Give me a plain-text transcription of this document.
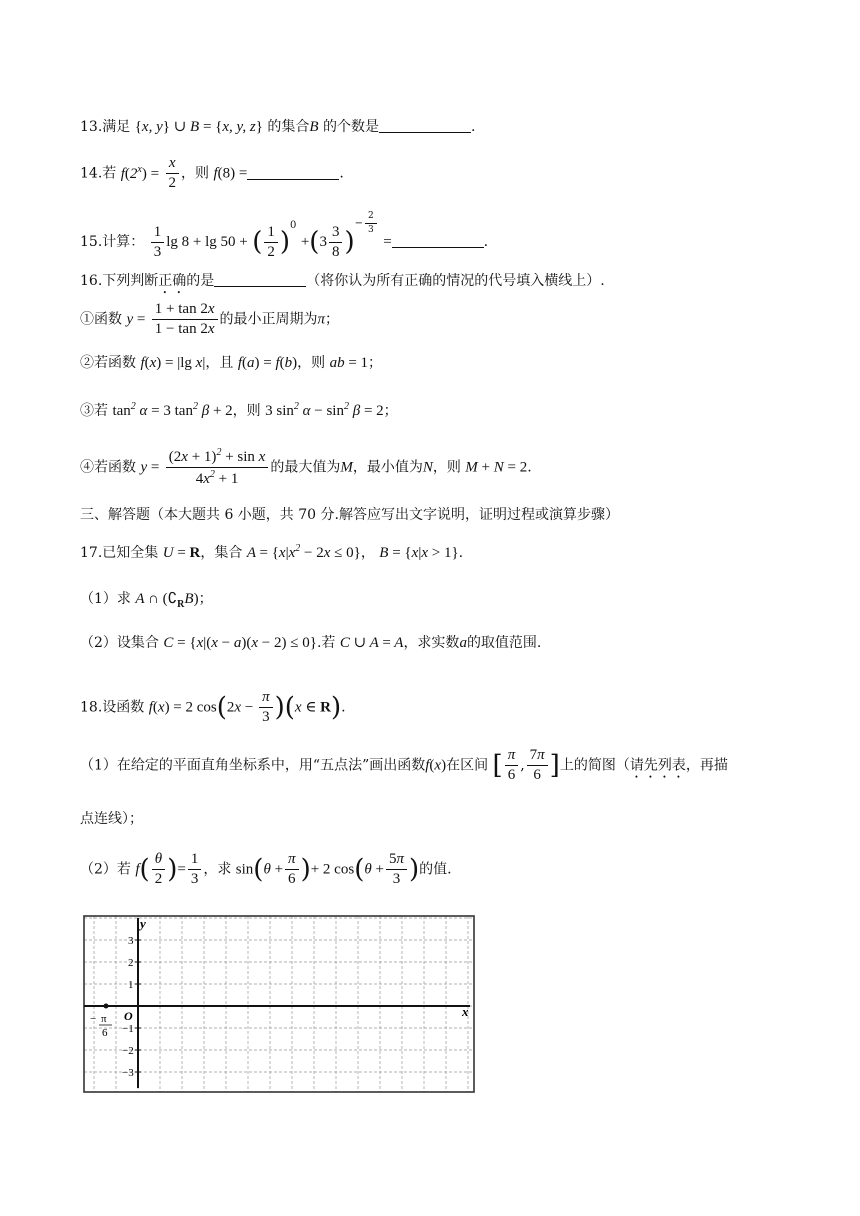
13.满足 {x, y} ∪ B = {x, y, z} 的集合B 的个数是	.
14.若 $f(2^x) = \frac{x}{2}$ ，则 f(8) =	.
15.计算： $\frac{1}{3}$ lg 8 + lg 50 + ( $\frac{1}{2} )^0 +(3 \frac{3}{8} )^{- \frac{2}{3}}$
=	.
16.下列判断正确的是	（将你认为所有正确的情况的代号填入横线上）.
①函数 $y = \frac{1 + \tan 2x}{1 - \tan 2x}$ 的最小正周期为π；
②若函数 f(x) = |lg x|，且 f(a) = f(b)，则 ab = 1；
③若 $\tan^2 \alpha = 3$ $\tan^2 \beta + 2$，则 3 $\sin^2 \alpha - \sin^2 \beta = 2$；
④若函数 $y = \frac{(2x + 1)^2 + \sin x}{4x^2 + 1}$ 的最大值为M，最小值为N，则 M + N = 2.
三、解答题（本大题共 6 小题，共 70 分.解答应写出文字说明，证明过程或演算步骤）
17.已知全集 U = R，集合 $A = \{x|x^2 - 2x \le 0\}$， B = {x|x > 1}.
（1）求 A ∩ $(∁_RB)$；
（2）设集合 C = {x|(x − a)(x − 2) ≤ 0}.若 C ∪ A = A，求实数a的取值范围.
18.设函数 f(x) = 2 $\cos(2x - \frac{\pi}{3} )(x$ ∈ R).
（1）在给定的平面直角坐标系中，用“五点法”画出函数f(x)在区间 [ $\frac{\pi}{6}$ , $\frac{7\pi}{6}$ ]上的简图（请先列表，再描
点连线）；
（2）若 $f( \frac{\theta}{2}$ )= $\frac{1}{3}$ ，求 $\sin(\theta + \frac{\pi}{6}$ )+ 2 $\cos(\theta + \frac{5\pi}{3}$ )的值.
y
x
O
3
2
1
−1
−2
−3
− π
6
